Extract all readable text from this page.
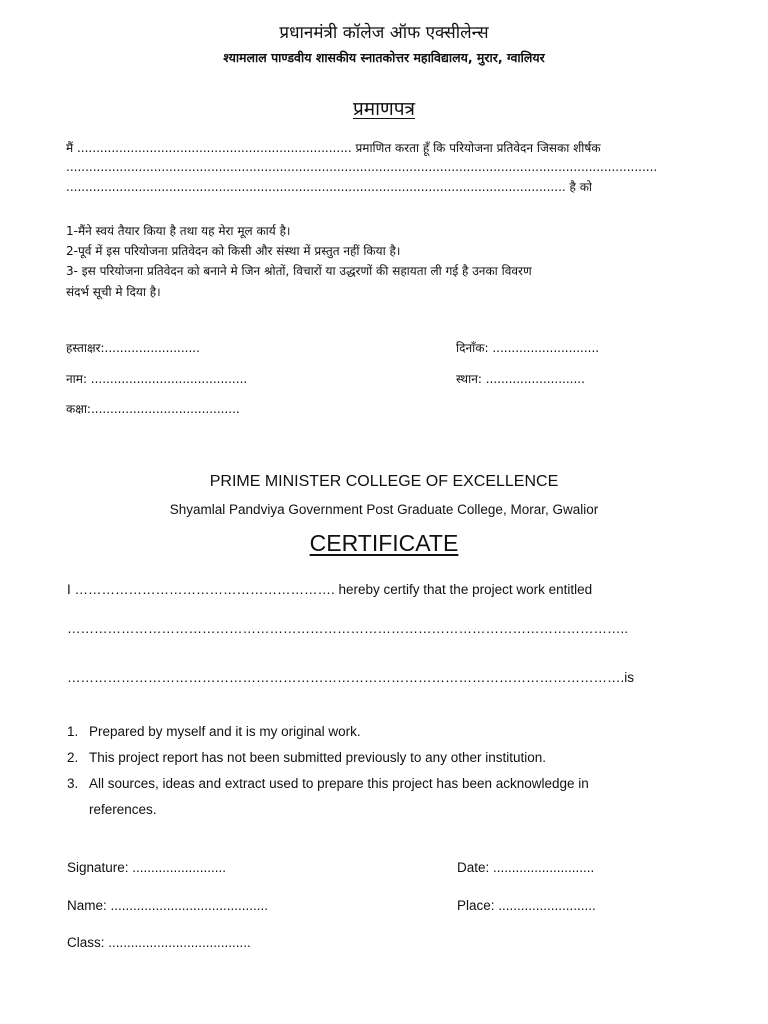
प्रधानमंत्री कॉलेज ऑफ एक्सीलेन्स
श्यामलाल पाण्डवीय शासकीय स्नातकोत्तर महाविद्यालय, मुरार, ग्वालियर
प्रमाणपत्र
मैं ........................................................................ प्रमाणित करता हूँ कि परियोजना प्रतिवेदन जिसका शीर्षक
...........................................................................................................................................................
................................................................................................................................... है को
1-मैंने स्वयं तैयार किया है तथा यह मेरा मूल कार्य है।
2-पूर्व में इस परियोजना प्रतिवेदन को किसी और संस्था में प्रस्तुत नहीं किया है।
3- इस परियोजना प्रतिवेदन को बनाने मे जिन श्रोतों, विचारों या उद्धरणों की सहायता ली गई है उनका विवरण
संदर्भ सूची मे दिया है।
हस्ताक्षर:.........................	दिनाँक: ............................
नाम: .........................................	स्थान: ..........................
कक्षा:.......................................
PRIME MINISTER COLLEGE OF EXCELLENCE
Shyamlal Pandviya Government Post Graduate College, Morar, Gwalior
CERTIFICATE
I …………………………………………………. hereby certify that the project work entitled
……………………………………………………………………………………………………………..
…………………………………………………………………………………………………………….is
1. Prepared by myself and it is my original work.
2. This project report has not been submitted previously to any other institution.
3. All sources, ideas and extract used to prepare this project has been acknowledge in references.
Signature: .........................	Date: ...........................
Name: ..........................................	Place: ..........................
Class: ......................................
